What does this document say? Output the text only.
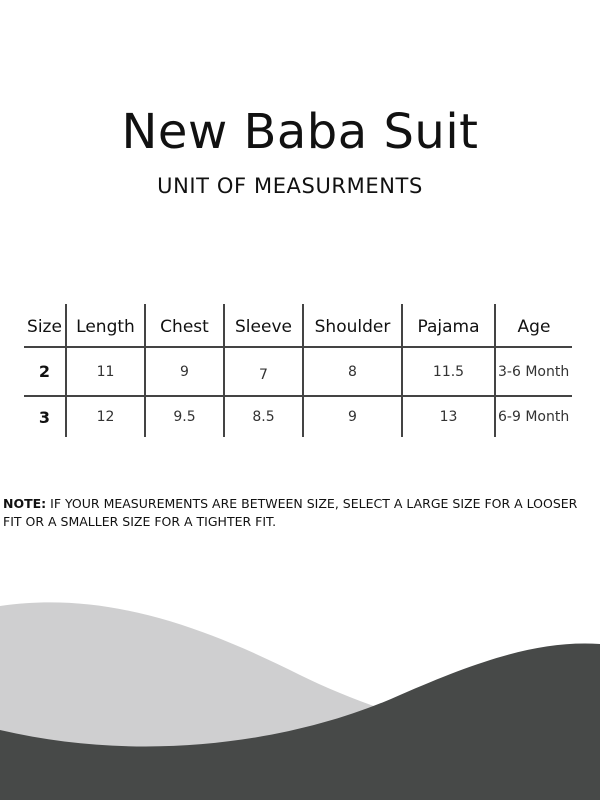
New Baba Suit
UNIT OF MEASURMENTS
Size	Length	Chest	Sleeve	Shoulder	Pajama	Age
2	11	9	7	8	11.5	3-6 Month
3	12	9.5	8.5	9	13	6-9 Month

NOTE: IF YOUR MEASUREMENTS ARE BETWEEN SIZE, SELECT A LARGE SIZE FOR A LOOSER FIT OR A SMALLER SIZE FOR A TIGHTER FIT.
